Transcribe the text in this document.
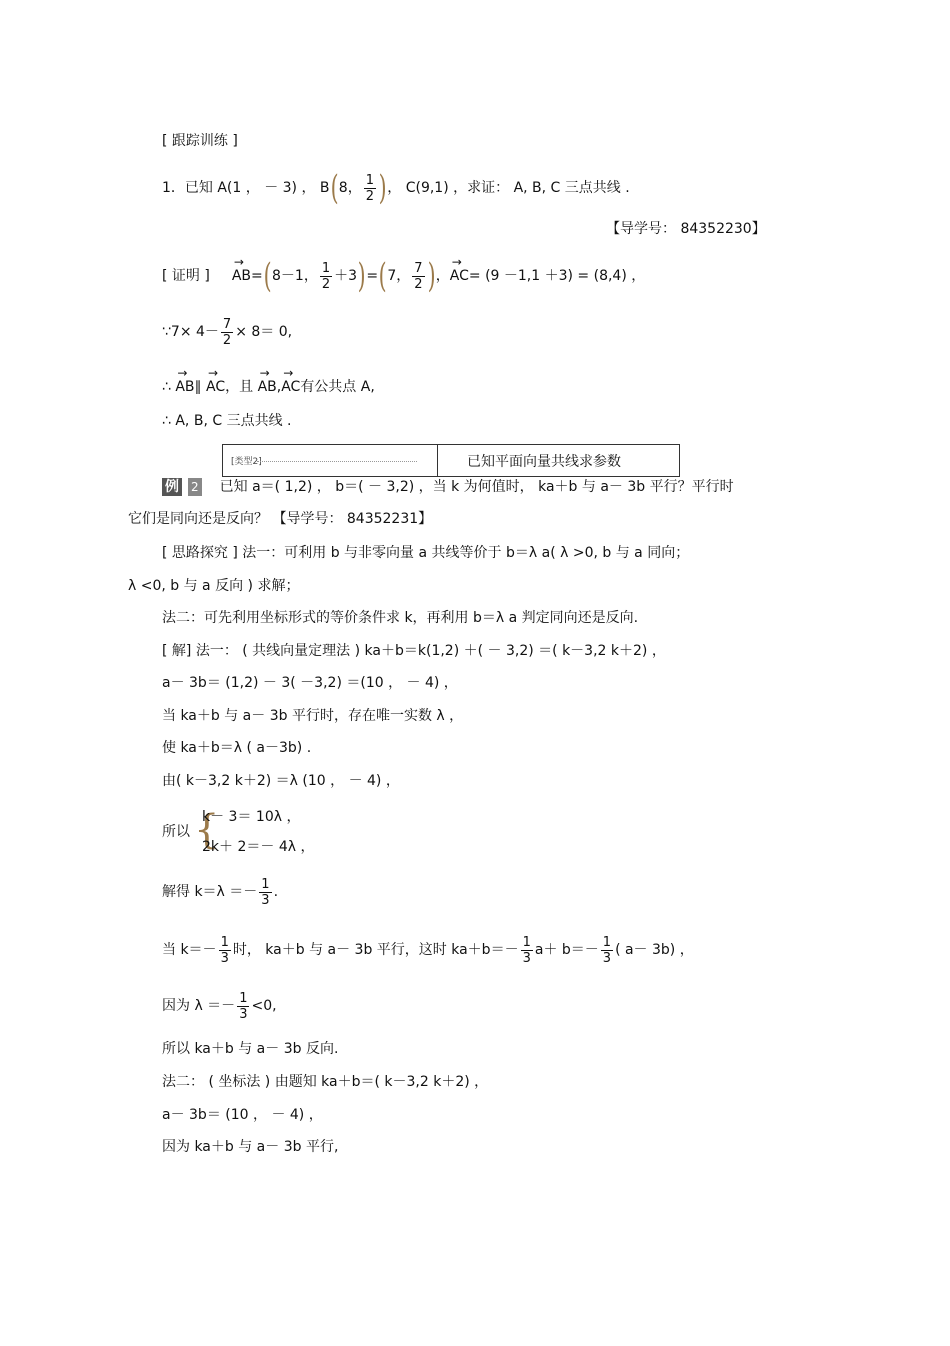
[ 跟踪训练 ]
1．已知 A(1 ， － 3) ， B ( 8， $\frac{1}{2}$ ) ， C(9,1) ，求证： A, B, C 三点共线 .
【导学号： 84352230】
[ 证明 ] → AB = ( 8－1， $\frac{1}{2} +3$ ) = ( 7， $\frac{7}{2}$ ) ， → AC = (9 －1,1 ＋3) = (8,4) ，
∵7× $4- \frac{7}{2} \times 8= 0$,
∴ → AB∥ → AC，且 → AB,→ AC有公共点 A,
∴ A, B, C 三点共线 .
[类型2]	已知平面向量共线求参数
例 2 已知 a＝( 1,2) ， b＝( － 3,2) ，当 k 为何值时， ka＋b 与 a－ 3b 平行？平行时
它们是同向还是反向？ 【导学号： 84352231】
[ 思路探究 ] 法一：可利用 b 与非零向量 a 共线等价于 b＝λ a( λ >0, b 与 a 同向；
λ <0, b 与 a 反向 ) 求解；
法二：可先利用坐标形式的等价条件求 k，再利用 b＝λ a 判定同向还是反向.
[ 解] 法一： ( 共线向量定理法 ) ka＋b＝k(1,2) ＋( － 3,2) ＝( k－3,2 k＋2) ，
a－ 3b＝ (1,2) － 3( －3,2) ＝(10 ， － 4) ，
当 ka＋b 与 a－ 3b 平行时，存在唯一实数 λ ，
使 ka＋b＝λ ( a－3b) .
由( k－3,2 k＋2) ＝λ (10 ， － 4) ，
所以 {
k－ 3＝ 10λ ，
2k＋ 2＝－ 4λ ，
解得 $k=\lambda =- \frac{1}{3}$ .
当 $k=- \frac{1}{3}$ 时， ka＋b 与 a－ 3b 平行，这时 $ka+b=- \frac{1}{3} a+ b=- \frac{1}{3}$ ( a－ 3b) ，
因为 $\lambda =- \frac{1}{3} <0$,
所以 ka＋b 与 a－ 3b 反向.
法二： ( 坐标法 ) 由题知 ka＋b＝( k－3,2 k＋2) ，
a－ 3b＝ (10 ， － 4) ，
因为 ka＋b 与 a－ 3b 平行,
